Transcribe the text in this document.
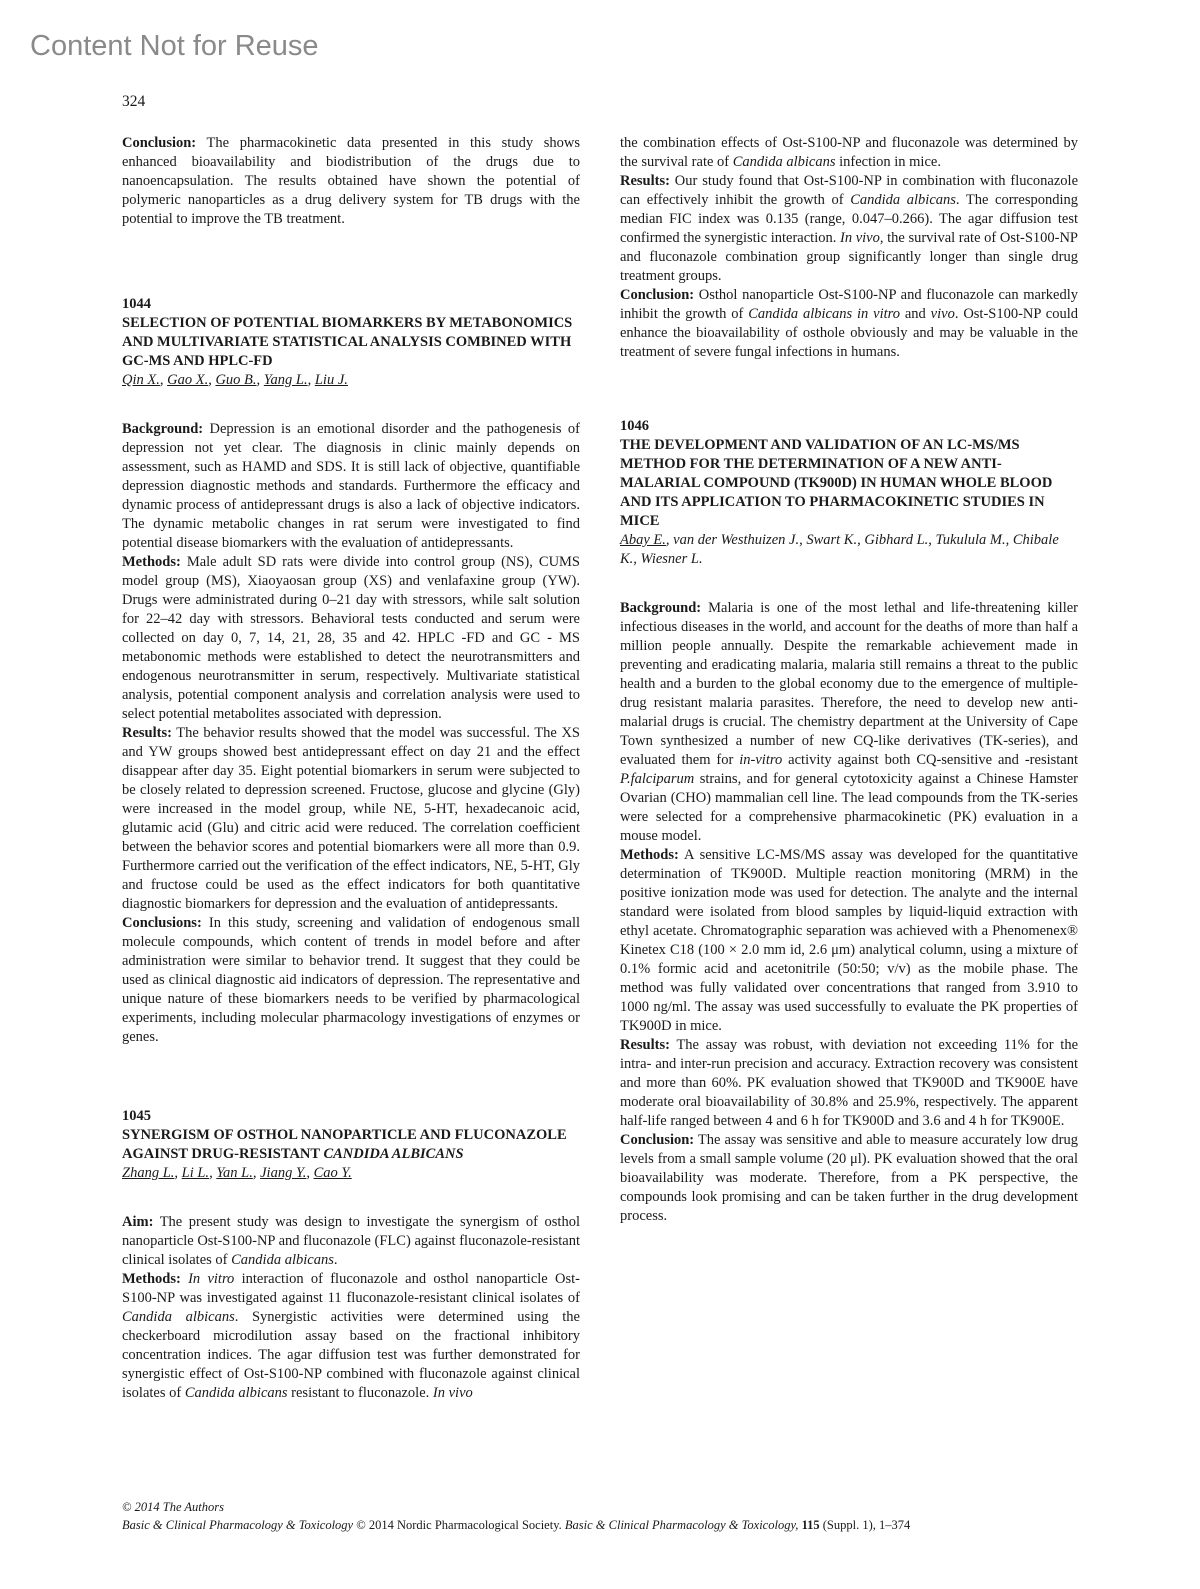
Content Not for Reuse
324

Conclusion: The pharmacokinetic data presented in this study shows enhanced bioavailability and biodistribution of the drugs due to nanoencapsulation. The results obtained have shown the potential of polymeric nanoparticles as a drug delivery system for TB drugs with the potential to improve the TB treatment.

1044

SELECTION OF POTENTIAL BIOMARKERS BY METABONOMICS AND MULTIVARIATE STATISTICAL ANALYSIS COMBINED WITH GC-MS AND HPLC-FD

Qin X., Gao X., Guo B., Yang L., Liu J.

Background: Depression is an emotional disorder and the pathogenesis of depression not yet clear. The diagnosis in clinic mainly depends on assessment, such as HAMD and SDS. It is still lack of objective, quantifiable depression diagnostic methods and standards. Furthermore the efficacy and dynamic process of antidepressant drugs is also a lack of objective indicators. The dynamic metabolic changes in rat serum were investigated to find potential disease biomarkers with the evaluation of antidepressants.

Methods: Male adult SD rats were divide into control group (NS), CUMS model group (MS), Xiaoyaosan group (XS) and venlafaxine group (YW). Drugs were administrated during 0–21 day with stressors, while salt solution for 22–42 day with stressors. Behavioral tests conducted and serum were collected on day 0, 7, 14, 21, 28, 35 and 42. HPLC -FD and GC - MS metabonomic methods were established to detect the neurotransmitters and endogenous neurotransmitter in serum, respectively. Multivariate statistical analysis, potential component analysis and correlation analysis were used to select potential metabolites associated with depression.

Results: The behavior results showed that the model was successful. The XS and YW groups showed best antidepressant effect on day 21 and the effect disappear after day 35. Eight potential biomarkers in serum were subjected to be closely related to depression screened. Fructose, glucose and glycine (Gly) were increased in the model group, while NE, 5-HT, hexadecanoic acid, glutamic acid (Glu) and citric acid were reduced. The correlation coefficient between the behavior scores and potential biomarkers were all more than 0.9. Furthermore carried out the verification of the effect indicators, NE, 5-HT, Gly and fructose could be used as the effect indicators for both quantitative diagnostic biomarkers for depression and the evaluation of antidepressants.

Conclusions: In this study, screening and validation of endogenous small molecule compounds, which content of trends in model before and after administration were similar to behavior trend. It suggest that they could be used as clinical diagnostic aid indicators of depression. The representative and unique nature of these biomarkers needs to be verified by pharmacological experiments, including molecular pharmacology investigations of enzymes or genes.

1045

SYNERGISM OF OSTHOL NANOPARTICLE AND FLUCONAZOLE AGAINST DRUG-RESISTANT CANDIDA ALBICANS

Zhang L., Li L., Yan L., Jiang Y., Cao Y.

Aim: The present study was design to investigate the synergism of osthol nanoparticle Ost-S100-NP and fluconazole (FLC) against fluconazole-resistant clinical isolates of Candida albicans.

Methods: In vitro interaction of fluconazole and osthol nanoparticle Ost-S100-NP was investigated against 11 fluconazole-resistant clinical isolates of Candida albicans. Synergistic activities were determined using the checkerboard microdilution assay based on the fractional inhibitory concentration indices. The agar diffusion test was further demonstrated for synergistic effect of Ost-S100-NP combined with fluconazole against clinical isolates of Candida albicans resistant to fluconazole. In vivo

the combination effects of Ost-S100-NP and fluconazole was determined by the survival rate of Candida albicans infection in mice.

Results: Our study found that Ost-S100-NP in combination with fluconazole can effectively inhibit the growth of Candida albicans. The corresponding median FIC index was 0.135 (range, 0.047–0.266). The agar diffusion test confirmed the synergistic interaction. In vivo, the survival rate of Ost-S100-NP and fluconazole combination group significantly longer than single drug treatment groups.

Conclusion: Osthol nanoparticle Ost-S100-NP and fluconazole can markedly inhibit the growth of Candida albicans in vitro and vivo. Ost-S100-NP could enhance the bioavailability of osthole obviously and may be valuable in the treatment of severe fungal infections in humans.

1046

THE DEVELOPMENT AND VALIDATION OF AN LC-MS/MS METHOD FOR THE DETERMINATION OF A NEW ANTI-MALARIAL COMPOUND (TK900D) IN HUMAN WHOLE BLOOD AND ITS APPLICATION TO PHARMACOKINETIC STUDIES IN MICE

Abay E., van der Westhuizen J., Swart K., Gibhard L., Tukulula M., Chibale K., Wiesner L.

Background: Malaria is one of the most lethal and life-threatening killer infectious diseases in the world, and account for the deaths of more than half a million people annually. Despite the remarkable achievement made in preventing and eradicating malaria, malaria still remains a threat to the public health and a burden to the global economy due to the emergence of multiple-drug resistant malaria parasites. Therefore, the need to develop new anti-malarial drugs is crucial. The chemistry department at the University of Cape Town synthesized a number of new CQ-like derivatives (TK-series), and evaluated them for in-vitro activity against both CQ-sensitive and -resistant P.falciparum strains, and for general cytotoxicity against a Chinese Hamster Ovarian (CHO) mammalian cell line. The lead compounds from the TK-series were selected for a comprehensive pharmacokinetic (PK) evaluation in a mouse model.

Methods: A sensitive LC-MS/MS assay was developed for the quantitative determination of TK900D. Multiple reaction monitoring (MRM) in the positive ionization mode was used for detection. The analyte and the internal standard were isolated from blood samples by liquid-liquid extraction with ethyl acetate. Chromatographic separation was achieved with a Phenomenex® Kinetex C18 (100 × 2.0 mm id, 2.6 μm) analytical column, using a mixture of 0.1% formic acid and acetonitrile (50:50; v/v) as the mobile phase. The method was fully validated over concentrations that ranged from 3.910 to 1000 ng/ml. The assay was used successfully to evaluate the PK properties of TK900D in mice.

Results: The assay was robust, with deviation not exceeding 11% for the intra- and inter-run precision and accuracy. Extraction recovery was consistent and more than 60%. PK evaluation showed that TK900D and TK900E have moderate oral bioavailability of 30.8% and 25.9%, respectively. The apparent half-life ranged between 4 and 6 h for TK900D and 3.6 and 4 h for TK900E.

Conclusion: The assay was sensitive and able to measure accurately low drug levels from a small sample volume (20 μl). PK evaluation showed that the oral bioavailability was moderate. Therefore, from a PK perspective, the compounds look promising and can be taken further in the drug development process.

© 2014 The Authors

Basic & Clinical Pharmacology & Toxicology © 2014 Nordic Pharmacological Society. Basic & Clinical Pharmacology & Toxicology, 115 (Suppl. 1), 1–374
